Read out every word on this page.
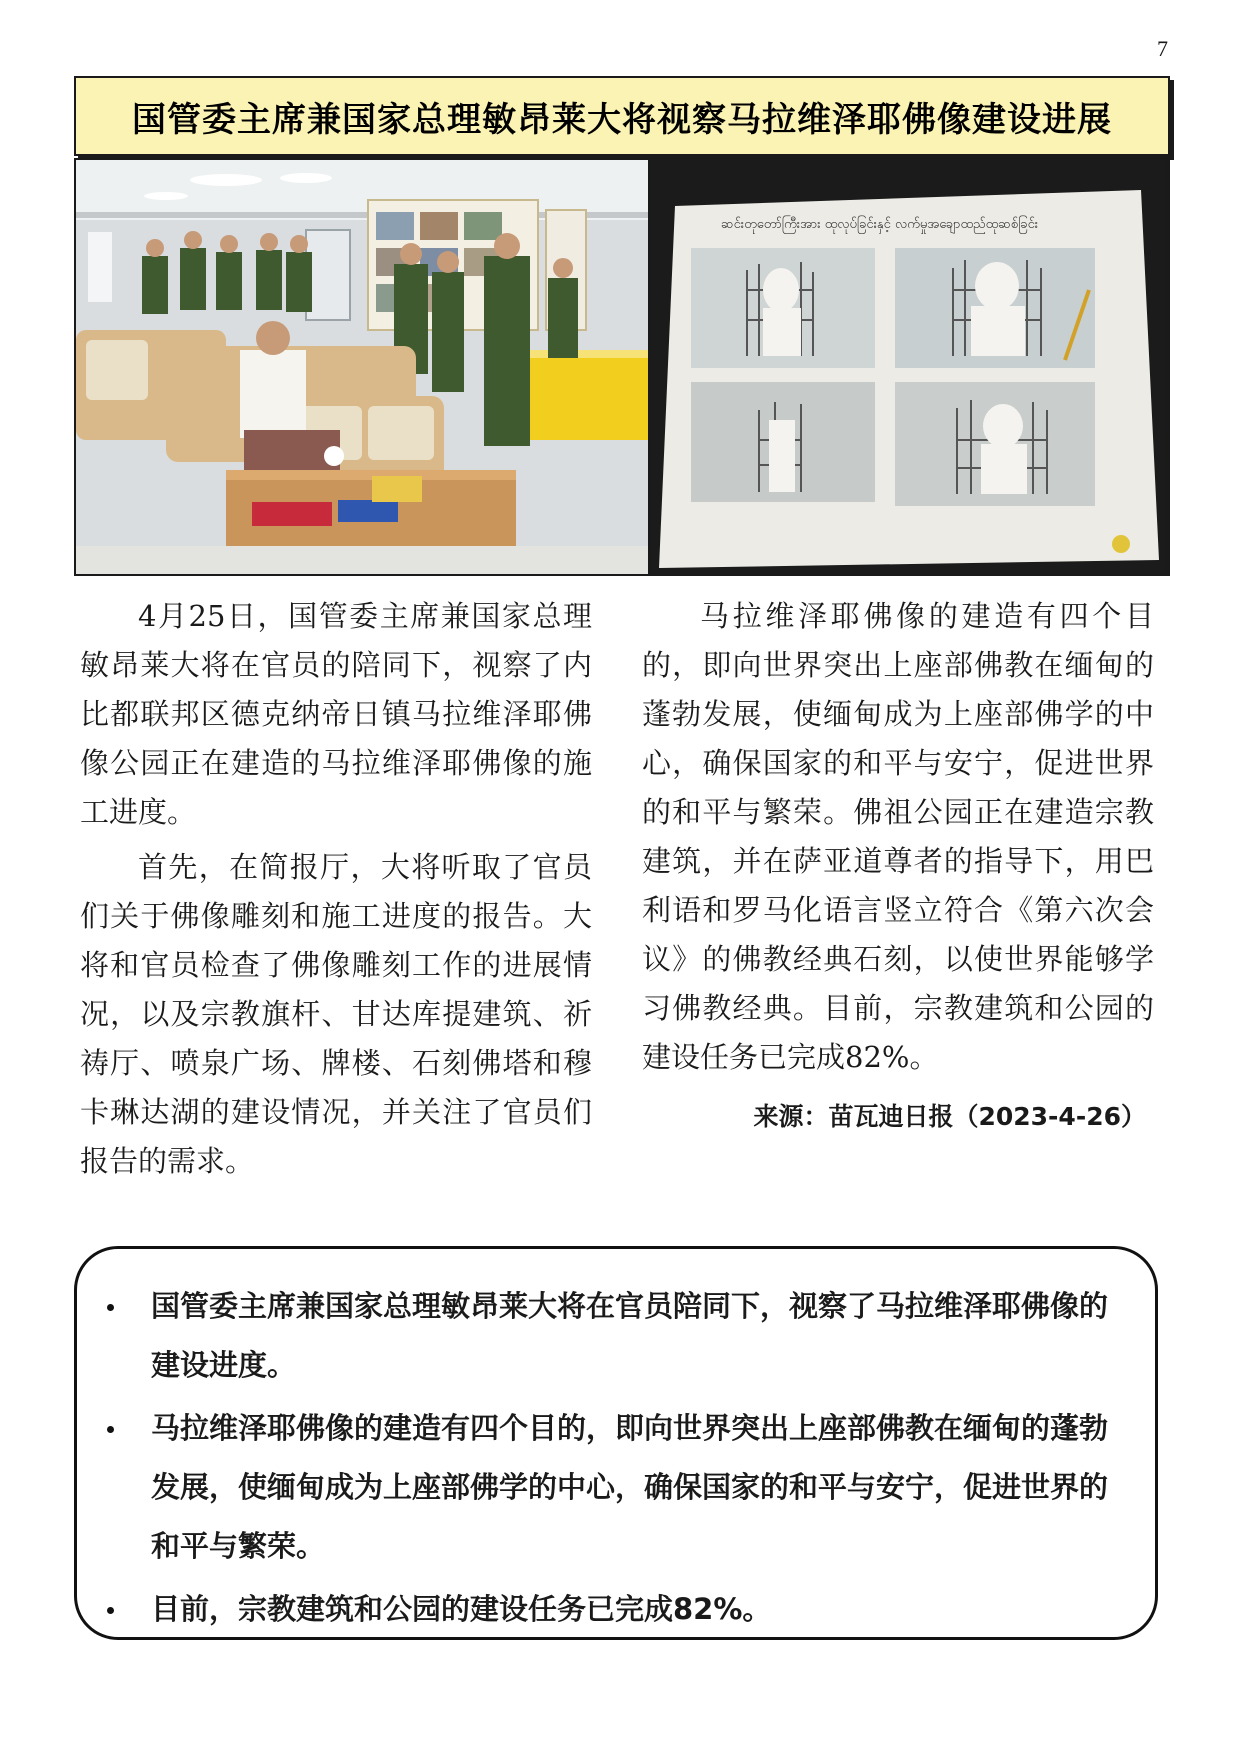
7
国管委主席兼国家总理敏昂莱大将视察马拉维泽耶佛像建设进展
ဆင်းတုတော်ကြီးအား ထုလုပ်ခြင်းနှင့် လက်မှုအချောထည်ထုဆစ်ခြင်း

4月25日，国管委主席兼国家总理敏昂莱大将在官员的陪同下，视察了内比都联邦区德克纳帝日镇马拉维泽耶佛像公园正在建造的马拉维泽耶佛像的施工进度。

首先，在简报厅，大将听取了官员们关于佛像雕刻和施工进度的报告。大将和官员检查了佛像雕刻工作的进展情况，以及宗教旗杆、甘达库提建筑、祈祷厅、喷泉广场、牌楼、石刻佛塔和穆卡琳达湖的建设情况，并关注了官员们报告的需求。

马拉维泽耶佛像的建造有四个目的，即向世界突出上座部佛教在缅甸的蓬勃发展，使缅甸成为上座部佛学的中心，确保国家的和平与安宁，促进世界的和平与繁荣。佛祖公园正在建造宗教建筑，并在萨亚道尊者的指导下，用巴利语和罗马化语言竖立符合《第六次会议》的佛教经典石刻，以使世界能够学习佛教经典。目前，宗教建筑和公园的建设任务已完成82%。

来源：苗瓦迪日报（2023-4-26）
国管委主席兼国家总理敏昂莱大将在官员陪同下，视察了马拉维泽耶佛像的建设进度。
马拉维泽耶佛像的建造有四个目的，即向世界突出上座部佛教在缅甸的蓬勃发展，使缅甸成为上座部佛学的中心，确保国家的和平与安宁，促进世界的和平与繁荣。
目前，宗教建筑和公园的建设任务已完成82%。
